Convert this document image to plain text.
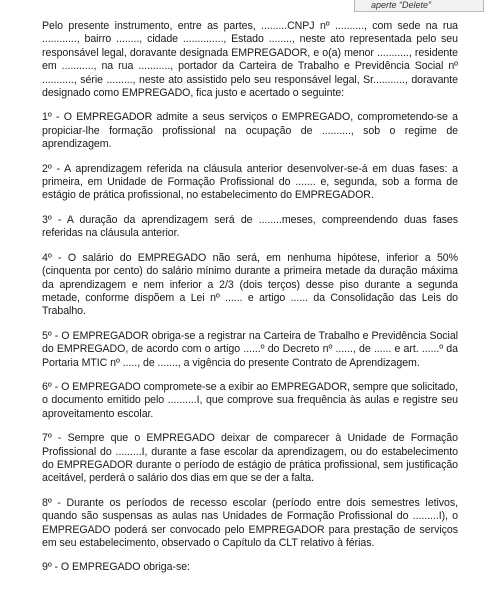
aperte “Delete”

Pelo presente instrumento, entre as partes, .........CNPJ nº .........., com sede na rua ............, bairro ........, cidade .............., Estado ........, neste ato representada pelo seu responsável legal, doravante designada EMPREGADOR, e o(a) menor ..........., residente em ..........., na rua ..........., portador da Carteira de Trabalho e Previdência Social nº ..........., série ........., neste ato assistido pelo seu responsável legal, Sr..........., doravante designado como EMPREGADO, fica justo e acertado o seguinte:

1º - O EMPREGADOR admite a seus serviços o EMPREGADO, comprometendo-se a propiciar-lhe formação profissional na ocupação de .........., sob o regime de aprendizagem.

2º - A aprendizagem referida na cláusula anterior desenvolver-se-á em duas fases: a primeira, em Unidade de Formação Profissional do ....... e, segunda, sob a forma de estágio de prática profissional, no estabelecimento do EMPREGADOR.

3º - A duração da aprendizagem será de ........meses, compreendendo duas fases referidas na cláusula anterior.

4º - O salário do EMPREGADO não será, em nenhuma hipótese, inferior a 50% (cinquenta por cento) do salário mínimo durante a primeira metade da duração máxima da aprendizagem e nem inferior a 2/3 (dois terços) desse piso durante a segunda metade, conforme dispõem a Lei nº ...... e artigo ...... da Consolidação das Leis do Trabalho.

5º - O EMPREGADOR obriga-se a registrar na Carteira de Trabalho e Previdência Social do EMPREGADO, de acordo com o artigo ......º do Decreto nº ......, de ...... e art. ......º da Portaria MTIC nº ....., de ......., a vigência do presente Contrato de Aprendizagem.

6º - O EMPREGADO compromete-se a exibir ao EMPREGADOR, sempre que solicitado, o documento emitido pelo ..........I, que comprove sua frequência às aulas e registre seu aproveitamento escolar.

7º - Sempre que o EMPREGADO deixar de comparecer à Unidade de Formação Profissional do .........I, durante a fase escolar da aprendizagem, ou do estabelecimento do EMPREGADOR durante o período de estágio de prática profissional, sem justificação aceitável, perderá o salário dos dias em que se der a falta.

8º - Durante os períodos de recesso escolar (período entre dois semestres letivos, quando são suspensas as aulas nas Unidades de Formação Profissional do .........I), o EMPREGADO poderá ser convocado pelo EMPREGADOR para prestação de serviços em seu estabelecimento, observado o Capítulo da CLT relativo à férias.

9º - O EMPREGADO obriga-se:
